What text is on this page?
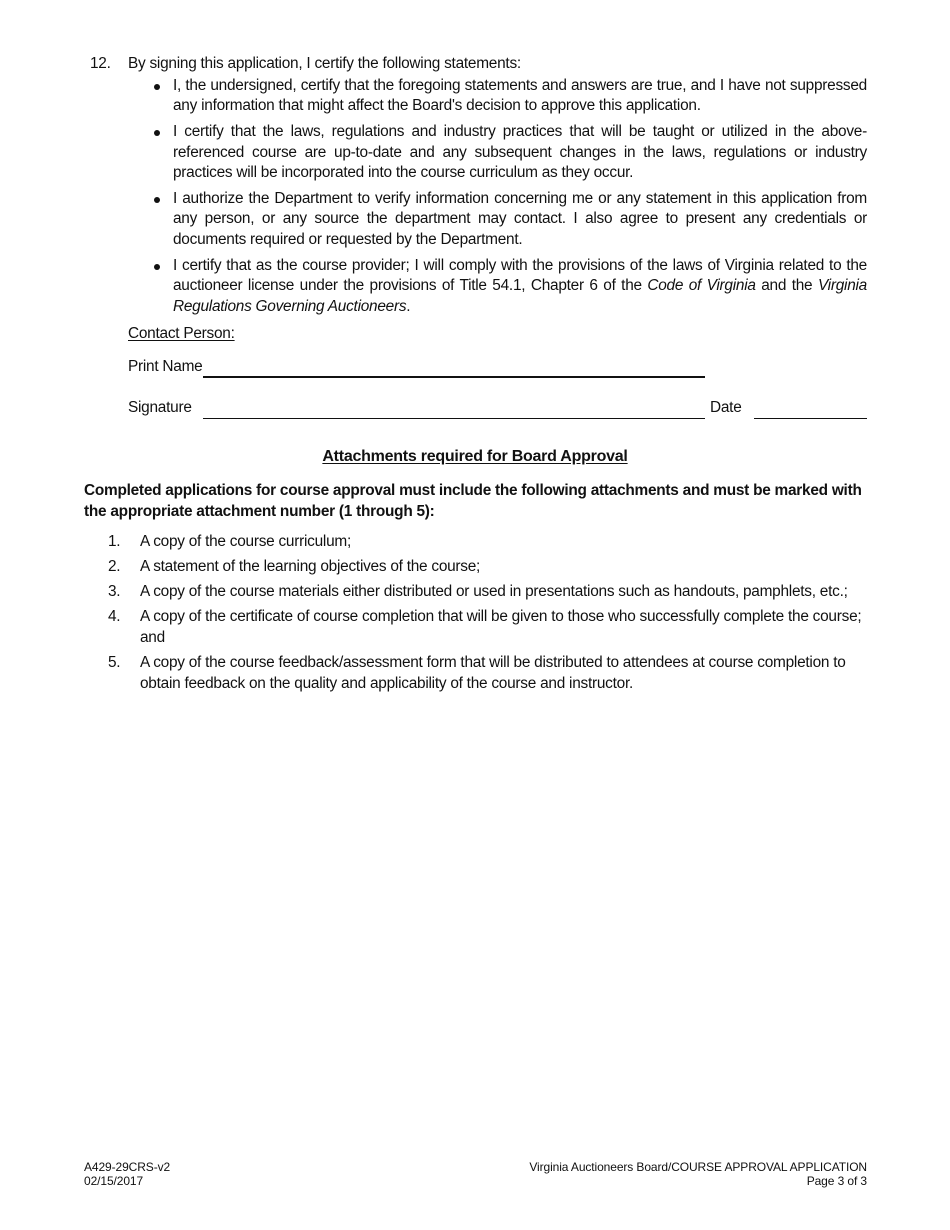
12. By signing this application, I certify the following statements:
I, the undersigned, certify that the foregoing statements and answers are true, and I have not suppressed any information that might affect the Board's decision to approve this application.
I certify that the laws, regulations and industry practices that will be taught or utilized in the above-referenced course are up-to-date and any subsequent changes in the laws, regulations or industry practices will be incorporated into the course curriculum as they occur.
I authorize the Department to verify information concerning me or any statement in this application from any person, or any source the department may contact. I also agree to present any credentials or documents required or requested by the Department.
I certify that as the course provider; I will comply with the provisions of the laws of Virginia related to the auctioneer license under the provisions of Title 54.1, Chapter 6 of the Code of Virginia and the Virginia Regulations Governing Auctioneers.
Contact Person:
Print Name
Signature	Date
Attachments required for Board Approval
Completed applications for course approval must include the following attachments and must be marked with the appropriate attachment number (1 through 5):
1. A copy of the course curriculum;
2. A statement of the learning objectives of the course;
3. A copy of the course materials either distributed or used in presentations such as handouts, pamphlets, etc.;
4. A copy of the certificate of course completion that will be given to those who successfully complete the course; and
5. A copy of the course feedback/assessment form that will be distributed to attendees at course completion to obtain feedback on the quality and applicability of the course and instructor.
A429-29CRS-v2
02/15/2017
Virginia Auctioneers Board/COURSE APPROVAL APPLICATION
Page 3 of 3
